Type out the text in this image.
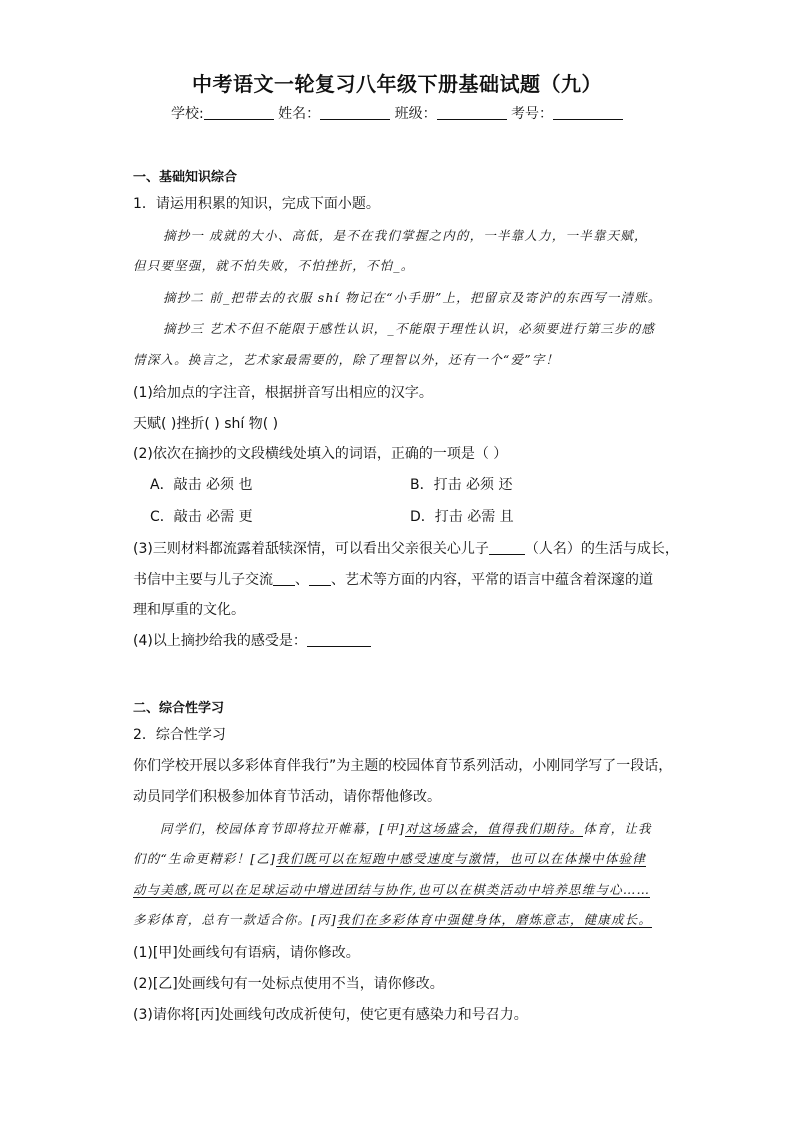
中考语文一轮复习八年级下册基础试题（九）
学校:	姓名：	班级：	考号：
一、基础知识综合
1．请运用积累的知识，完成下面小题。
摘抄一 成就的大小、高低，是不在我们掌握之内的，一半靠人力，一半靠天赋，
但只要坚强，就不怕失败，不怕挫折，不怕_。
摘抄二 前_把带去的衣服 shí 物记在“小手册”上，把留京及寄沪的东西写一清账。
摘抄三 艺术不但不能限于感性认识，_不能限于理性认识，必须要进行第三步的感
情深入。换言之，艺术家最需要的，除了理智以外，还有一个“爱”字！
(1)给加点的字注音，根据拼音写出相应的汉字。
天赋( )挫折( ) shí 物( )
(2)依次在摘抄的文段横线处填入的词语，正确的一项是（ ）
A．敲击 必须 也	B．打击 必须 还
C．敲击 必需 更	D．打击 必需 且
(3)三则材料都流露着舐犊深情，可以看出父亲很关心儿子	（人名）的生活与成长，
书信中主要与儿子交流 、 、艺术等方面的内容，平常的语言中蕴含着深邃的道
理和厚重的文化。
(4)以上摘抄给我的感受是：
二、综合性学习
2．综合性学习
你们学校开展以多彩体育伴我行”为主题的校园体育节系列活动，小刚同学写了一段话，
动员同学们积极参加体育节活动，请你帮他修改。
同学们，校园体育节即将拉开帷幕，[甲]对这场盛会，值得我们期待。体育，让我
们的“生命更精彩！[乙]我们既可以在短跑中感受速度与激情，也可以在体操中体验律
动与美感,既可以在足球运动中增进团结与协作,也可以在棋类活动中培养思维与心……
多彩体育，总有一款适合你。[丙]我们在多彩体育中强健身体，磨炼意志，健康成长。
(1)[甲]处画线句有语病，请你修改。
(2)[乙]处画线句有一处标点使用不当，请你修改。
(3)请你将[丙]处画线句改成祈使句，使它更有感染力和号召力。
